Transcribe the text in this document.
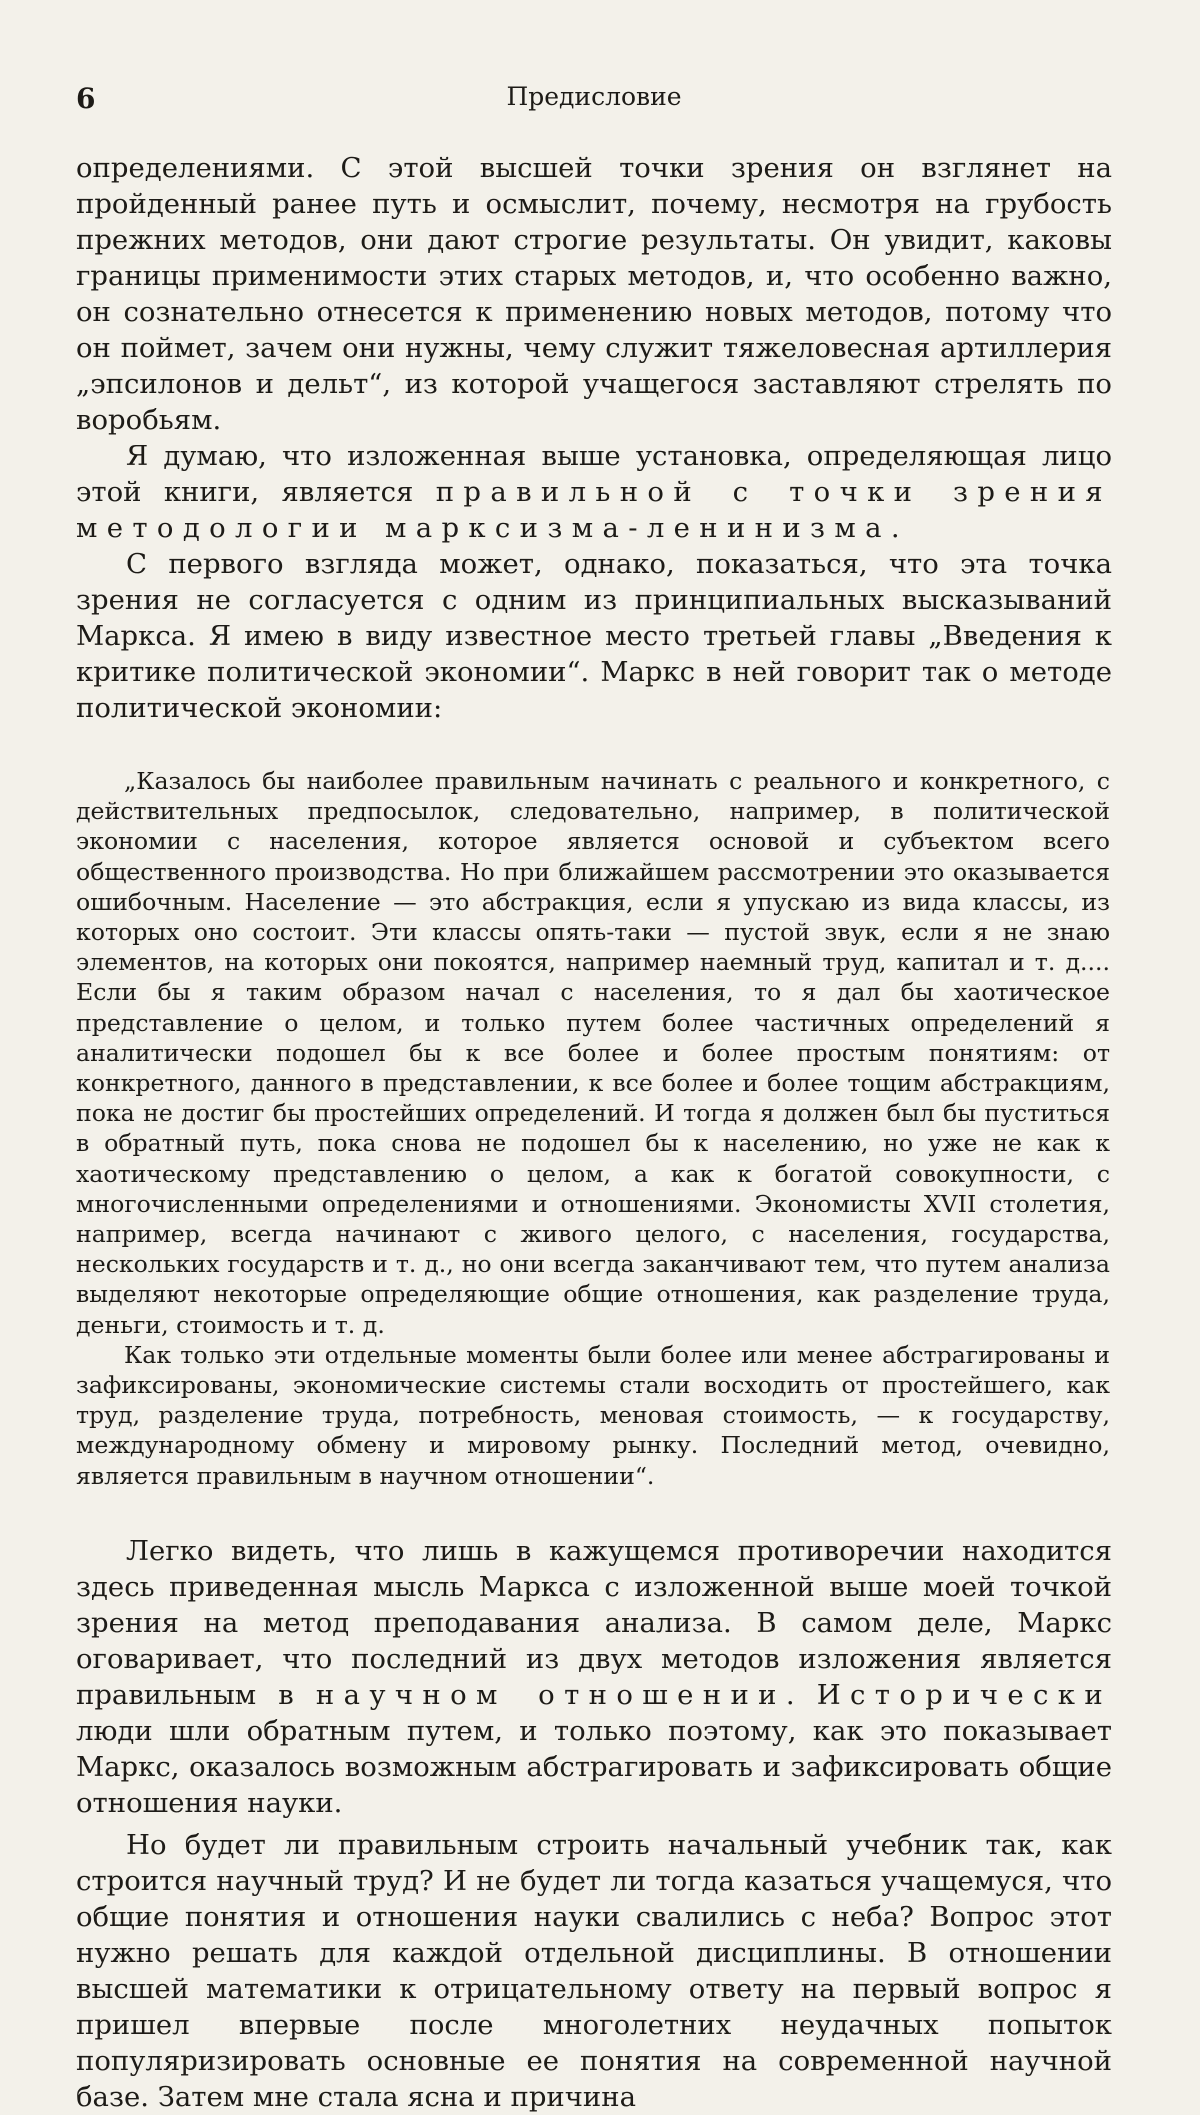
6	Предисловие

определениями. С этой высшей точки зрения он взглянет на пройденный ранее путь и осмыслит, почему, несмотря на грубость прежних методов, они дают строгие результаты. Он увидит, каковы границы применимости этих старых методов, и, что особенно важно, он сознательно отнесется к применению новых методов, потому что он поймет, зачем они нужны, чему служит тяжеловесная артиллерия „эпсилонов и дельт“, из которой учащегося заставляют стрелять по воробьям.

Я думаю, что изложенная выше установка, определяющая лицо этой книги, является правильной с точки зрения методологии марксизма-ленинизма.

С первого взгляда может, однако, показаться, что эта точка зрения не согласуется с одним из принципиальных высказываний Маркса. Я имею в виду известное место третьей главы „Введения к критике политической экономии“. Маркс в ней говорит так о методе политической экономии:

„Казалось бы наиболее правильным начинать с реального и конкретного, с действительных предпосылок, следовательно, например, в политической экономии с населения, которое является основой и субъектом всего общественного производства. Но при ближайшем рассмотрении это оказывается ошибочным. Население — это абстракция, если я упускаю из вида классы, из которых оно состоит. Эти классы опять-таки — пустой звук, если я не знаю элементов, на которых они покоятся, например наемный труд, капитал и т. д.... Если бы я таким образом начал с населения, то я дал бы хаотическое представление о целом, и только путем более частичных определений я аналитически подошел бы к все более и более простым понятиям: от конкретного, данного в представлении, к все более и более тощим абстракциям, пока не достиг бы простейших определений. И тогда я должен был бы пуститься в обратный путь, пока снова не подошел бы к населению, но уже не как к хаотическому представлению о целом, а как к богатой совокупности, с многочисленными определениями и отношениями. Экономисты XVII столетия, например, всегда начинают с живого целого, с населения, государства, нескольких государств и т. д., но они всегда заканчивают тем, что путем анализа выделяют некоторые определяющие общие отношения, как разделение труда, деньги, стоимость и т. д.

Как только эти отдельные моменты были более или менее абстрагированы и зафиксированы, экономические системы стали восходить от простейшего, как труд, разделение труда, потребность, меновая стоимость, — к государству, международному обмену и мировому рынку. Последний метод, очевидно, является правильным в научном отношении“.

Легко видеть, что лишь в кажущемся противоречии находится здесь приведенная мысль Маркса с изложенной выше моей точкой зрения на метод преподавания анализа. В самом деле, Маркс оговаривает, что последний из двух методов изложения является правильным в научном отношении. Исторически люди шли обратным путем, и только поэтому, как это показывает Маркс, оказалось возможным абстрагировать и зафиксировать общие отношения науки.

Но будет ли правильным строить начальный учебник так, как строится научный труд? И не будет ли тогда казаться учащемуся, что общие понятия и отношения науки свалились с неба? Вопрос этот нужно решать для каждой отдельной дисциплины. В отношении высшей математики к отрицательному ответу на первый вопрос я пришел впервые после многолетних неудачных попыток популяризировать основные ее понятия на современной научной базе. Затем мне стала ясна и причина
